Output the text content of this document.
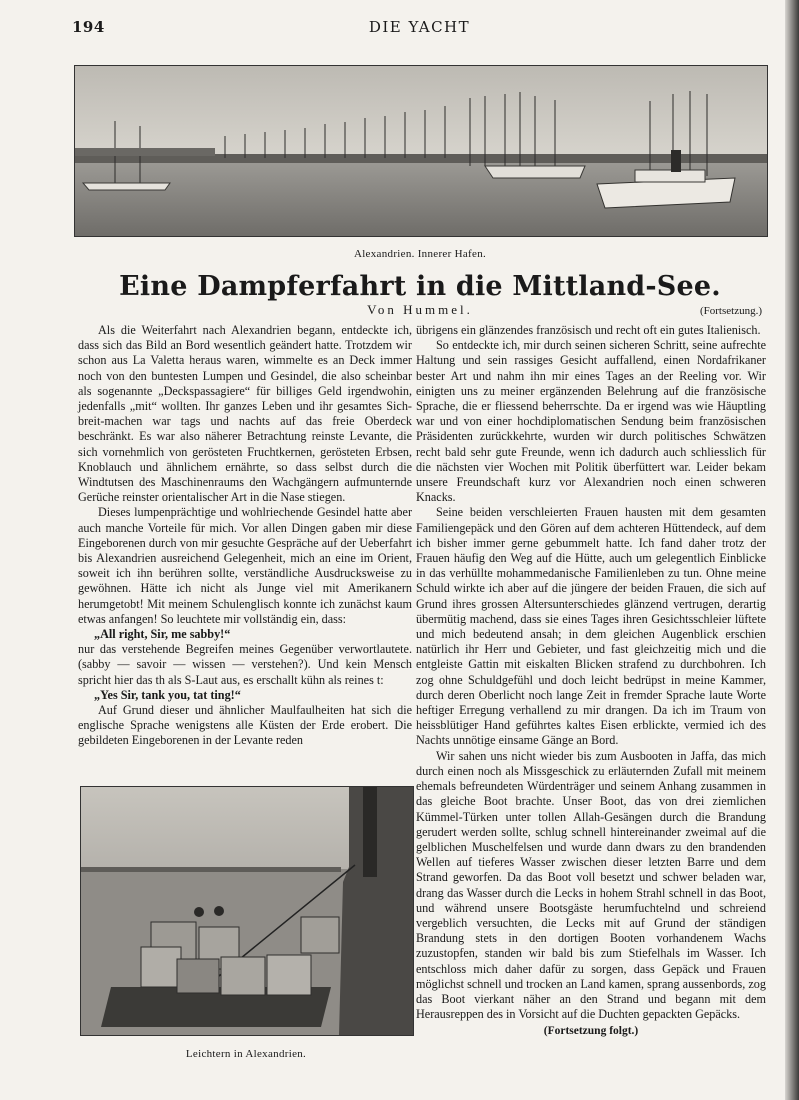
194	DIE YACHT
Alexandrien. Innerer Hafen.
Eine Dampferfahrt in die Mittland-See.
Von Hummel.	(Fortsetzung.)

Als die Weiterfahrt nach Alexandrien begann, entdeckte ich, dass sich das Bild an Bord wesentlich geändert hatte. Trotzdem wir schon aus La Valetta heraus waren, wimmelte es an Deck immer noch von den buntesten Lumpen und Gesindel, die also scheinbar als sogenannte „Deckspassagiere“ für billiges Geld irgendwohin, jedenfalls „mit“ wollten. Ihr ganzes Leben und ihr gesamtes Sich-breit-machen war tags und nachts auf das freie Oberdeck beschränkt. Es war also näherer Betrachtung reinste Levante, die sich vornehmlich von gerösteten Fruchtkernen, gerösteten Erbsen, Knoblauch und ähnlichem ernährte, so dass selbst durch die Windtutsen des Maschinenraums den Wachgängern aufmunternde Gerüche reinster orientalischer Art in die Nase stiegen.

Dieses lumpenprächtige und wohlriechende Gesindel hatte aber auch manche Vorteile für mich. Vor allen Dingen gaben mir diese Eingeborenen durch von mir gesuchte Gespräche auf der Ueberfahrt bis Alexandrien ausreichend Gelegenheit, mich an eine im Orient, soweit ich ihn berühren sollte, verständliche Ausdrucksweise zu gewöhnen. Hätte ich nicht als Junge viel mit Amerikanern herumgetobt! Mit meinem Schulenglisch konnte ich zunächst kaum etwas anfangen! So leuchtete mir vollständig ein, dass:

„All right, Sir, me sabby!“

nur das verstehende Begreifen meines Gegenüber verwortlautete. (sabby — savoir — wissen — verstehen?). Und kein Mensch spricht hier das th als S-Laut aus, es erschallt kühn als reines t:

„Yes Sir, tank you, tat ting!“

Auf Grund dieser und ähnlicher Maulfaulheiten hat sich die englische Sprache wenigstens alle Küsten der Erde erobert. Die gebildeten Eingeborenen in der Levante reden

Leichtern in Alexandrien.

übrigens ein glänzendes französisch und recht oft ein gutes Italienisch.

So entdeckte ich, mir durch seinen sicheren Schritt, seine aufrechte Haltung und sein rassiges Gesicht auffallend, einen Nordafrikaner bester Art und nahm ihn mir eines Tages an der Reeling vor. Wir einigten uns zu meiner ergänzenden Belehrung auf die französische Sprache, die er fliessend beherrschte. Da er irgend was wie Häuptling war und von einer hochdiplomatischen Sendung beim französischen Präsidenten zurückkehrte, wurden wir durch politisches Schwätzen recht bald sehr gute Freunde, wenn ich dadurch auch schliesslich für die nächsten vier Wochen mit Politik überfüttert war. Leider bekam unsere Freundschaft kurz vor Alexandrien noch einen schweren Knacks.

Seine beiden verschleierten Frauen hausten mit dem gesamten Familiengepäck und den Gören auf dem achteren Hüttendeck, auf dem ich bisher immer gerne gebummelt hatte. Ich fand daher trotz der Frauen häufig den Weg auf die Hütte, auch um gelegentlich Einblicke in das verhüllte mohammedanische Familienleben zu tun. Ohne meine Schuld wirkte ich aber auf die jüngere der beiden Frauen, die sich auf Grund ihres grossen Altersunterschiedes glänzend vertrugen, derartig übermütig machend, dass sie eines Tages ihren Gesichtsschleier lüftete und mich bedeutend ansah; in dem gleichen Augenblick erschien natürlich ihr Herr und Gebieter, und fast gleichzeitig mich und die entgleiste Gattin mit eiskalten Blicken strafend zu durchbohren. Ich zog ohne Schuldgefühl und doch leicht bedrüpst in meine Kammer, durch deren Oberlicht noch lange Zeit in fremder Sprache laute Worte heftiger Erregung verhallend zu mir drangen. Da ich im Traum von heissblütiger Hand geführtes kaltes Eisen erblickte, vermied ich des Nachts unnötige einsame Gänge an Bord.

Wir sahen uns nicht wieder bis zum Ausbooten in Jaffa, das mich durch einen noch als Missgeschick zu erläuternden Zufall mit meinem ehemals befreundeten Würdenträger und seinem Anhang zusammen in das gleiche Boot brachte. Unser Boot, das von drei ziemlichen Kümmel-Türken unter tollen Allah-Gesängen durch die Brandung gerudert werden sollte, schlug schnell hintereinander zweimal auf die gelblichen Muschelfelsen und wurde dann dwars zu den brandenden Wellen auf tieferes Wasser zwischen dieser letzten Barre und dem Strand geworfen. Da das Boot voll besetzt und schwer beladen war, drang das Wasser durch die Lecks in hohem Strahl schnell in das Boot, und während unsere Bootsgäste herumfuchtelnd und schreiend vergeblich versuchten, die Lecks mit auf Grund der ständigen Brandung stets in den dortigen Booten vorhandenem Wachs zuzustopfen, standen wir bald bis zum Stiefelhals im Wasser. Ich entschloss mich daher dafür zu sorgen, dass Gepäck und Frauen möglichst schnell und trocken an Land kamen, sprang aussenbords, zog das Boot vierkant näher an den Strand und begann mit dem Herausreppen des in Vorsicht auf die Duchten gepackten Gepäcks.

(Fortsetzung folgt.)
